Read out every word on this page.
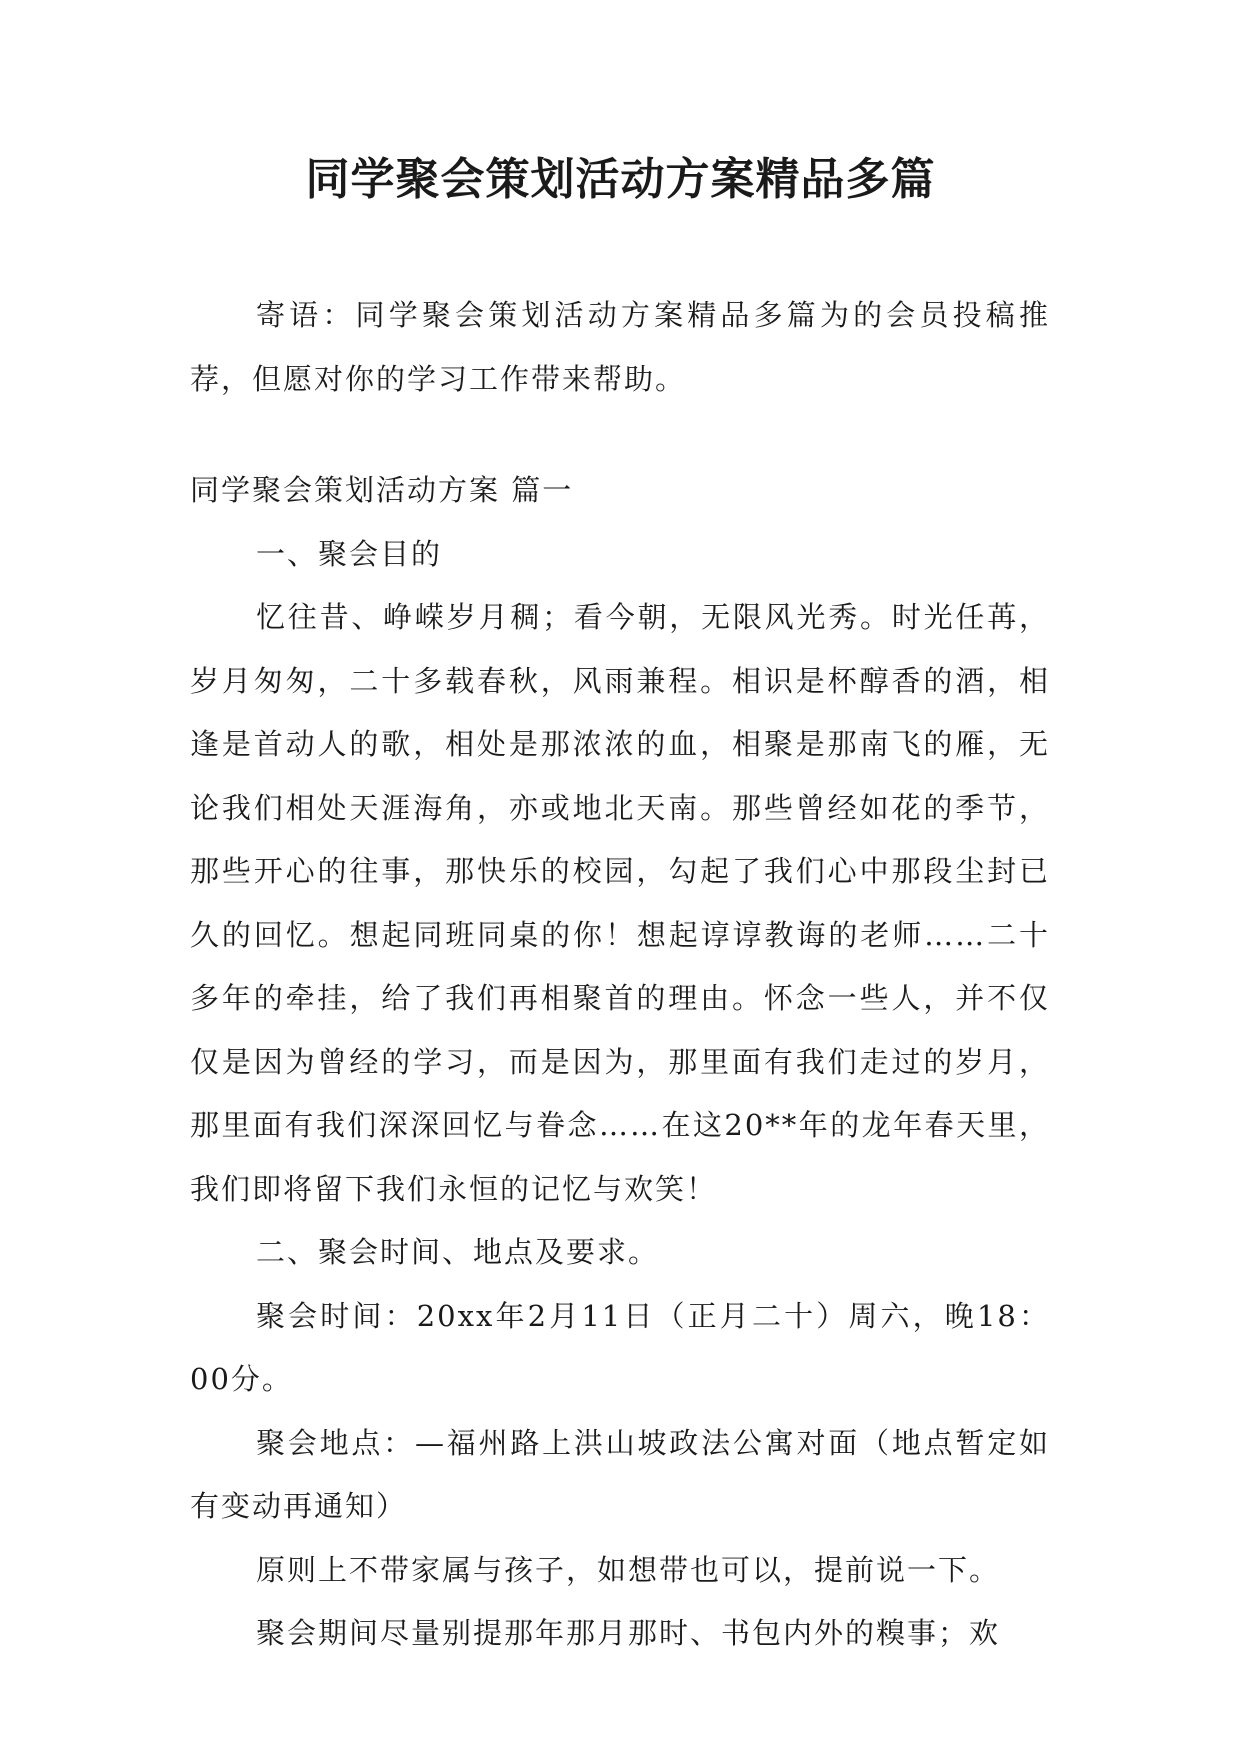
同学聚会策划活动方案精品多篇

寄语：同学聚会策划活动方案精品多篇为的会员投稿推荐，但愿对你的学习工作带来帮助。

同学聚会策划活动方案 篇一

一、聚会目的

忆往昔、峥嵘岁月稠；看今朝，无限风光秀。时光任苒，岁月匆匆，二十多载春秋，风雨兼程。相识是杯醇香的酒，相逢是首动人的歌，相处是那浓浓的血，相聚是那南飞的雁，无论我们相处天涯海角，亦或地北天南。那些曾经如花的季节，那些开心的往事，那快乐的校园，勾起了我们心中那段尘封已久的回忆。想起同班同桌的你！想起谆谆教诲的老师……二十多年的牵挂，给了我们再相聚首的理由。怀念一些人，并不仅仅是因为曾经的学习，而是因为，那里面有我们走过的岁月，那里面有我们深深回忆与眷念……在这20**年的龙年春天里，我们即将留下我们永恒的记忆与欢笑！

二、聚会时间、地点及要求。

聚会时间：20xx年2月11日（正月二十）周六，晚18：00分。

聚会地点：—福州路上洪山坡政法公寓对面（地点暂定如有变动再通知）

原则上不带家属与孩子，如想带也可以，提前说一下。

聚会期间尽量别提那年那月那时、书包内外的糗事；欢
